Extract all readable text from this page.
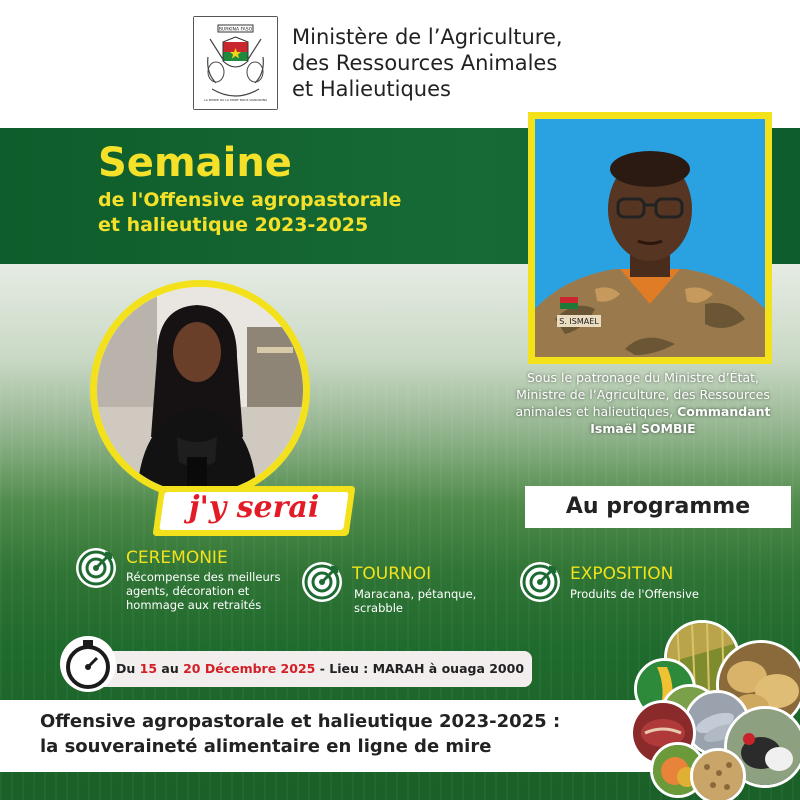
BURKINA FASO
LA PATRIE OU LA MORT NOUS VAINCRONS
Ministère de l’Agriculture,
des Ressources Animales
et Halieutiques
Semaine
de l'Offensive agropastorale
et halieutique 2023-2025
S. ISMAEL
Sous le patronage du Ministre d’État,
Ministre de l’Agriculture, des Ressources
animales et halieutiques, Commandant
Ismaël SOMBIE
j'y serai	Au programme
CEREMONIE
Récompense des meilleurs
agents, décoration et
hommage aux retraités
TOURNOI
Maracana, pétanque,
scrabble
EXPOSITION
Produits de l'Offensive
Du 15 au 20 Décembre 2025 - Lieu : MARAH à ouaga 2000
Offensive agropastorale et halieutique 2023-2025 :
la souveraineté alimentaire en ligne de mire
